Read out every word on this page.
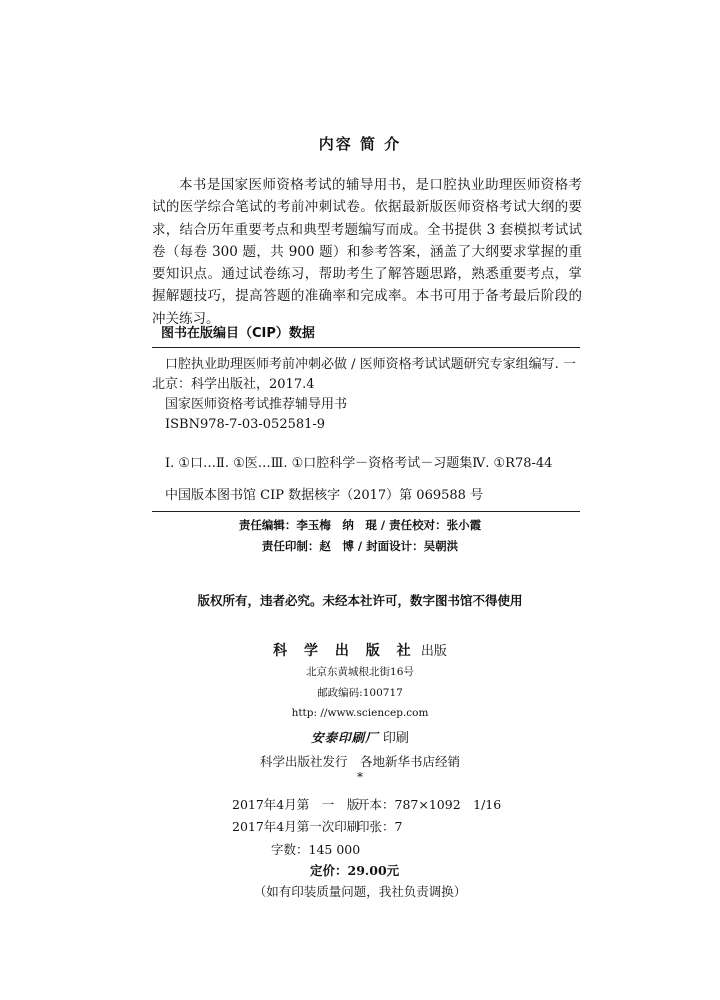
内容 简 介

本书是国家医师资格考试的辅导用书，是口腔执业助理医师资格考试的医学综合笔试的考前冲刺试卷。依据最新版医师资格考试大纲的要求，结合历年重要考点和典型考题编写而成。全书提供 3 套模拟考试试卷（每卷 300 题，共 900 题）和参考答案，涵盖了大纲要求掌握的重要知识点。通过试卷练习，帮助考生了解答题思路，熟悉重要考点，掌握解题技巧，提高答题的准确率和完成率。本书可用于备考最后阶段的冲关练习。

图书在版编目（CIP）数据

口腔执业助理医师考前冲刺必做 / 医师资格考试试题研究专家组编写. 一北京：科学出版社，2017.4

国家医师资格考试推荐辅导用书

ISBN978-7-03-052581-9

Ⅰ. ①口…Ⅱ. ①医…Ⅲ. ①口腔科学－资格考试－习题集Ⅳ. ①R78-44
中国版本图书馆 CIP 数据核字（2017）第 069588 号
责任编辑：李玉梅　纳　琨 / 责任校对：张小霞
责任印制：赵　博 / 封面设计：吴朝洪
版权所有，违者必究。未经本社许可，数字图书馆不得使用
科 学 出 版 社 出版
北京东黄城根北街16号
邮政编码:100717
http: //www.sciencep.com
安泰印刷厂 印刷
科学出版社发行　各地新华书店经销
*
2017年4月第　一　版
开本：787×1092　1/16
2017年4月第一次印刷
印张：7
字数：145 000
定价：29.00元
（如有印装质量问题，我社负责调换）
